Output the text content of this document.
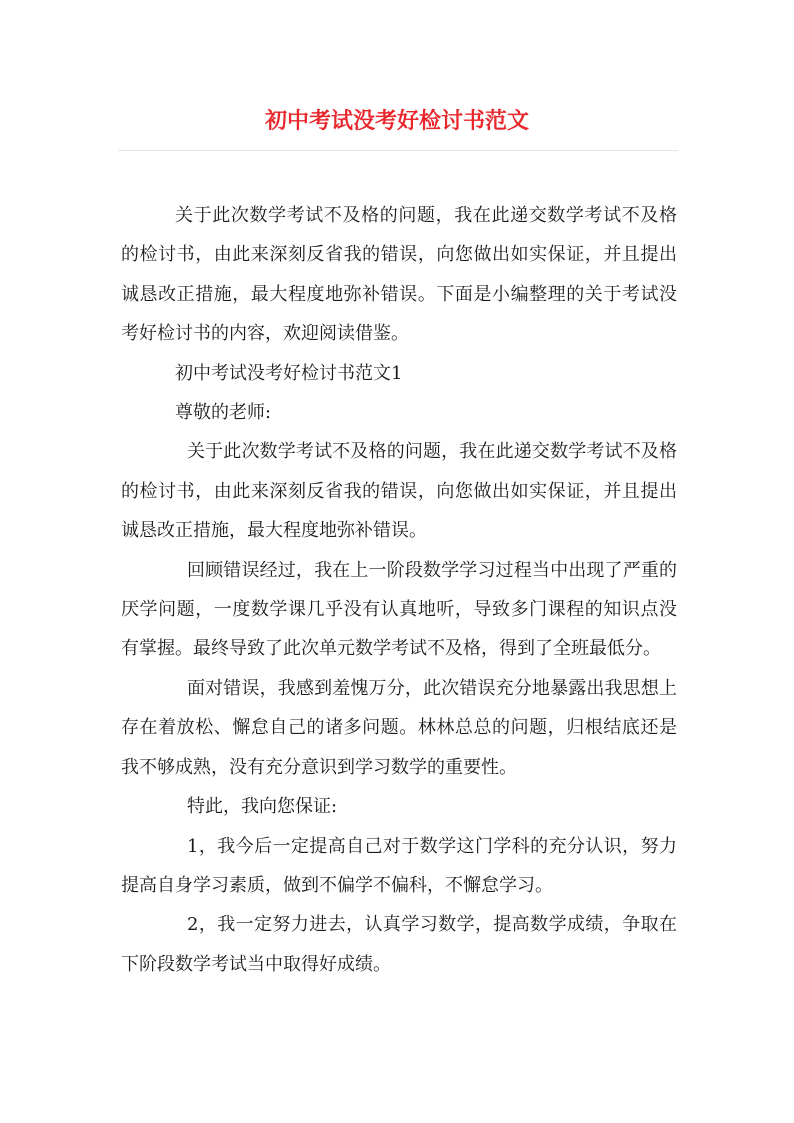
初中考试没考好检讨书范文

关于此次数学考试不及格的问题，我在此递交数学考试不及格的检讨书，由此来深刻反省我的错误，向您做出如实保证，并且提出诚恳改正措施，最大程度地弥补错误。下面是小编整理的关于考试没考好检讨书的内容，欢迎阅读借鉴。

初中考试没考好检讨书范文1

尊敬的老师:

关于此次数学考试不及格的问题，我在此递交数学考试不及格的检讨书，由此来深刻反省我的错误，向您做出如实保证，并且提出诚恳改正措施，最大程度地弥补错误。

回顾错误经过，我在上一阶段数学学习过程当中出现了严重的厌学问题，一度数学课几乎没有认真地听，导致多门课程的知识点没有掌握。最终导致了此次单元数学考试不及格，得到了全班最低分。

面对错误，我感到羞愧万分，此次错误充分地暴露出我思想上存在着放松、懈怠自己的诸多问题。林林总总的问题，归根结底还是我不够成熟，没有充分意识到学习数学的重要性。

特此，我向您保证:

1，我今后一定提高自己对于数学这门学科的充分认识，努力提高自身学习素质，做到不偏学不偏科，不懈怠学习。

2，我一定努力进去，认真学习数学，提高数学成绩，争取在下阶段数学考试当中取得好成绩。
